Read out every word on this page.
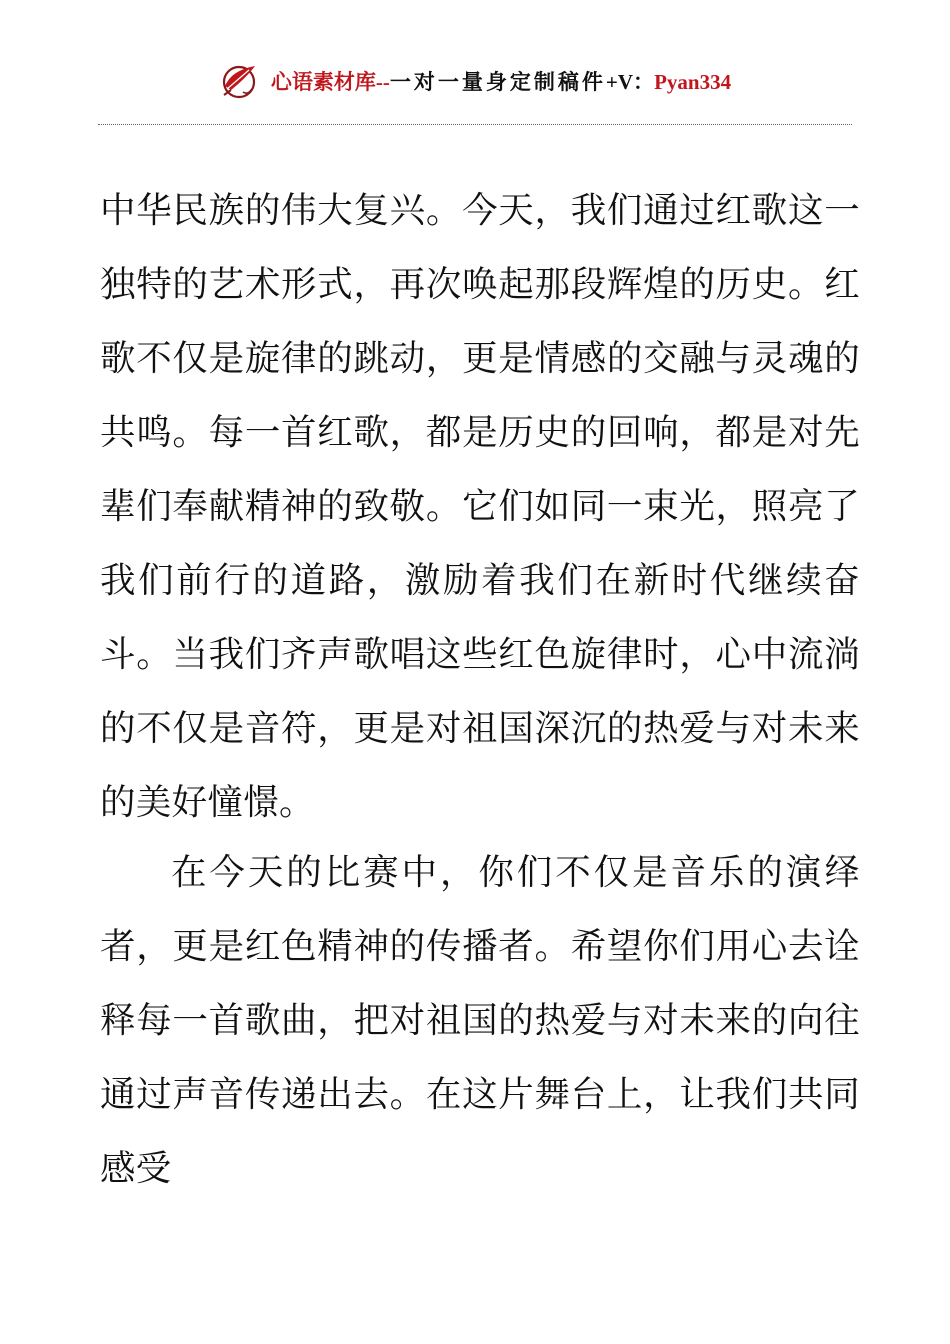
心语素材库--一对一量身定制稿件+V：Pyan334

中华民族的伟大复兴。今天，我们通过红歌这一独特的艺术形式，再次唤起那段辉煌的历史。红歌不仅是旋律的跳动，更是情感的交融与灵魂的共鸣。每一首红歌，都是历史的回响，都是对先辈们奉献精神的致敬。它们如同一束光，照亮了我们前行的道路，激励着我们在新时代继续奋斗。当我们齐声歌唱这些红色旋律时，心中流淌的不仅是音符，更是对祖国深沉的热爱与对未来的美好憧憬。

在今天的比赛中，你们不仅是音乐的演绎者，更是红色精神的传播者。希望你们用心去诠释每一首歌曲，把对祖国的热爱与对未来的向往通过声音传递出去。在这片舞台上，让我们共同感受
